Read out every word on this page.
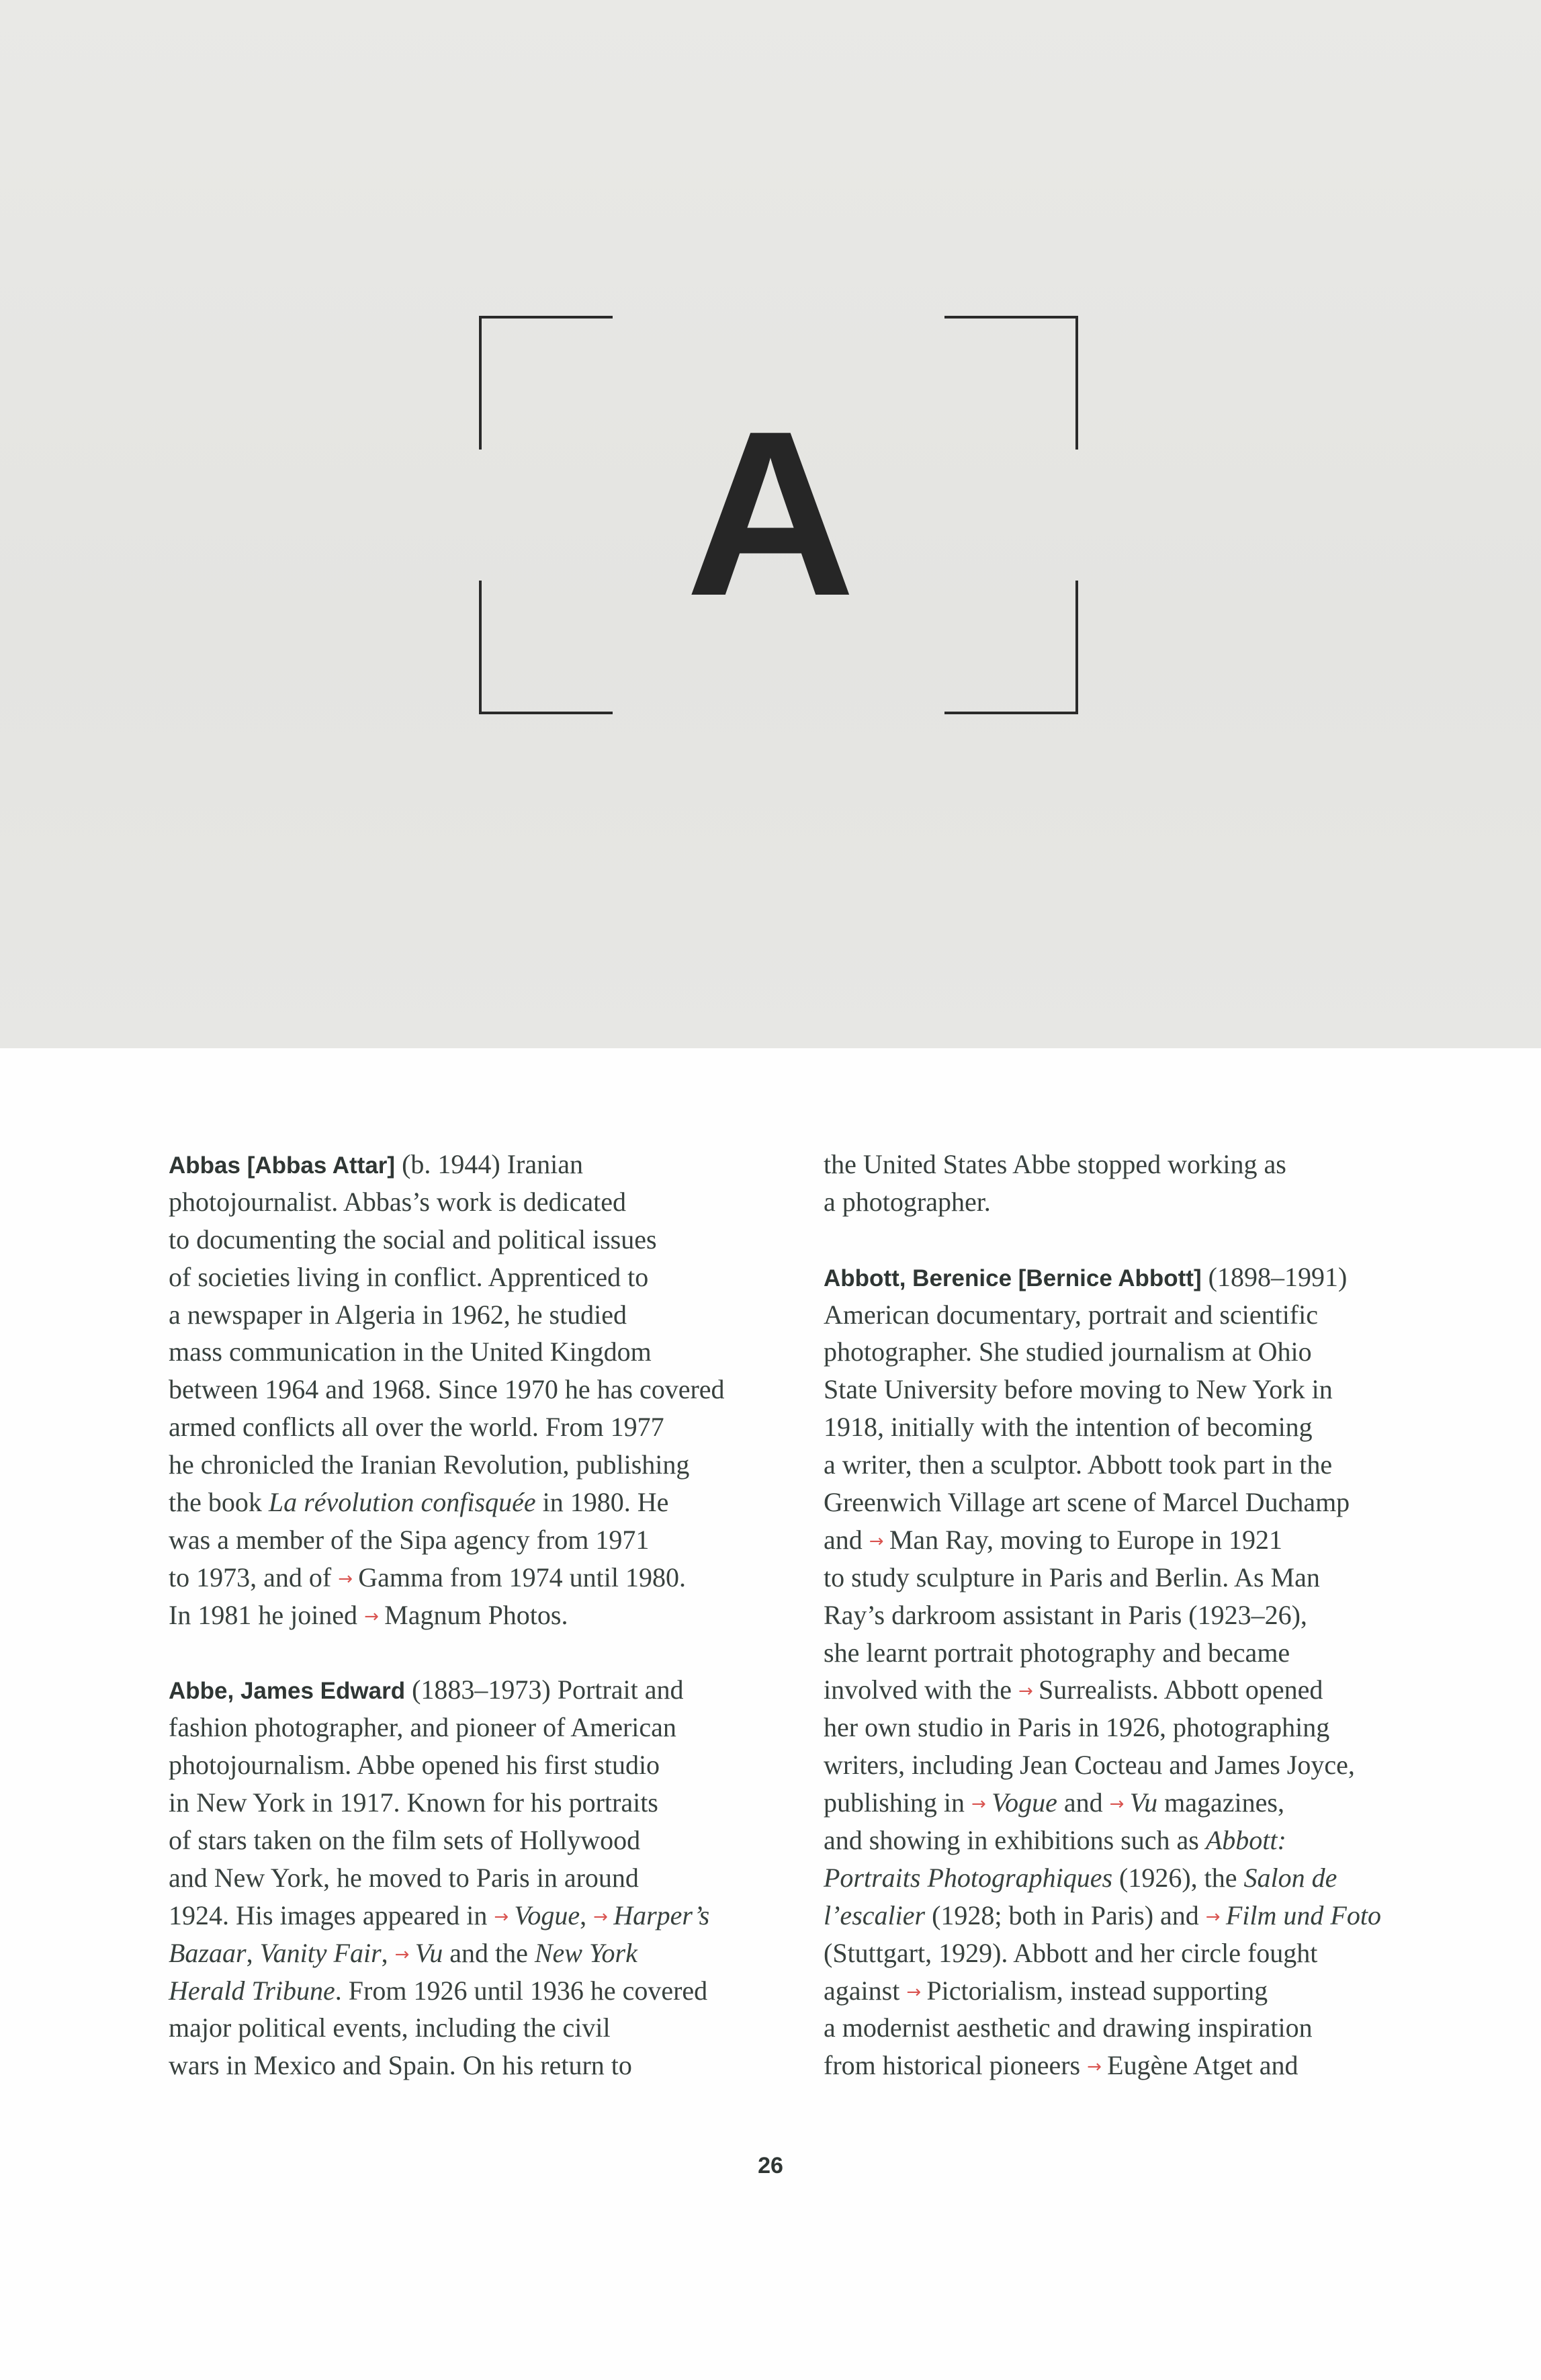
A
Abbas [Abbas Attar] (b. 1944) Iranian
photojournalist. Abbas’s work is dedicated
to documenting the social and political issues
of societies living in conflict. Apprenticed to
a newspaper in Algeria in 1962, he studied
mass communication in the United Kingdom
between 1964 and 1968. Since 1970 he has covered
armed conflicts all over the world. From 1977
he chronicled the Iranian Revolution, publishing
the book La révolution confisquée in 1980. He
was a member of the Sipa agency from 1971
to 1973, and of → Gamma from 1974 until 1980.
In 1981 he joined → Magnum Photos.
Abbe, James Edward (1883–1973) Portrait and
fashion photographer, and pioneer of American
photojournalism. Abbe opened his first studio
in New York in 1917. Known for his portraits
of stars taken on the film sets of Hollywood
and New York, he moved to Paris in around
1924. His images appeared in → Vogue, → Harper’s
Bazaar, Vanity Fair, → Vu and the New York
Herald Tribune. From 1926 until 1936 he covered
major political events, including the civil
wars in Mexico and Spain. On his return to
the United States Abbe stopped working as
a photographer.
Abbott, Berenice [Bernice Abbott] (1898–1991)
American documentary, portrait and scientific
photographer. She studied journalism at Ohio
State University before moving to New York in
1918, initially with the intention of becoming
a writer, then a sculptor. Abbott took part in the
Greenwich Village art scene of Marcel Duchamp
and → Man Ray, moving to Europe in 1921
to study sculpture in Paris and Berlin. As Man
Ray’s darkroom assistant in Paris (1923–26),
she learnt portrait photography and became
involved with the → Surrealists. Abbott opened
her own studio in Paris in 1926, photographing
writers, including Jean Cocteau and James Joyce,
publishing in → Vogue and → Vu magazines,
and showing in exhibitions such as Abbott:
Portraits Photographiques (1926), the Salon de
l’escalier (1928; both in Paris) and → Film und Foto
(Stuttgart, 1929). Abbott and her circle fought
against → Pictorialism, instead supporting
a modernist aesthetic and drawing inspiration
from historical pioneers → Eugène Atget and
26
